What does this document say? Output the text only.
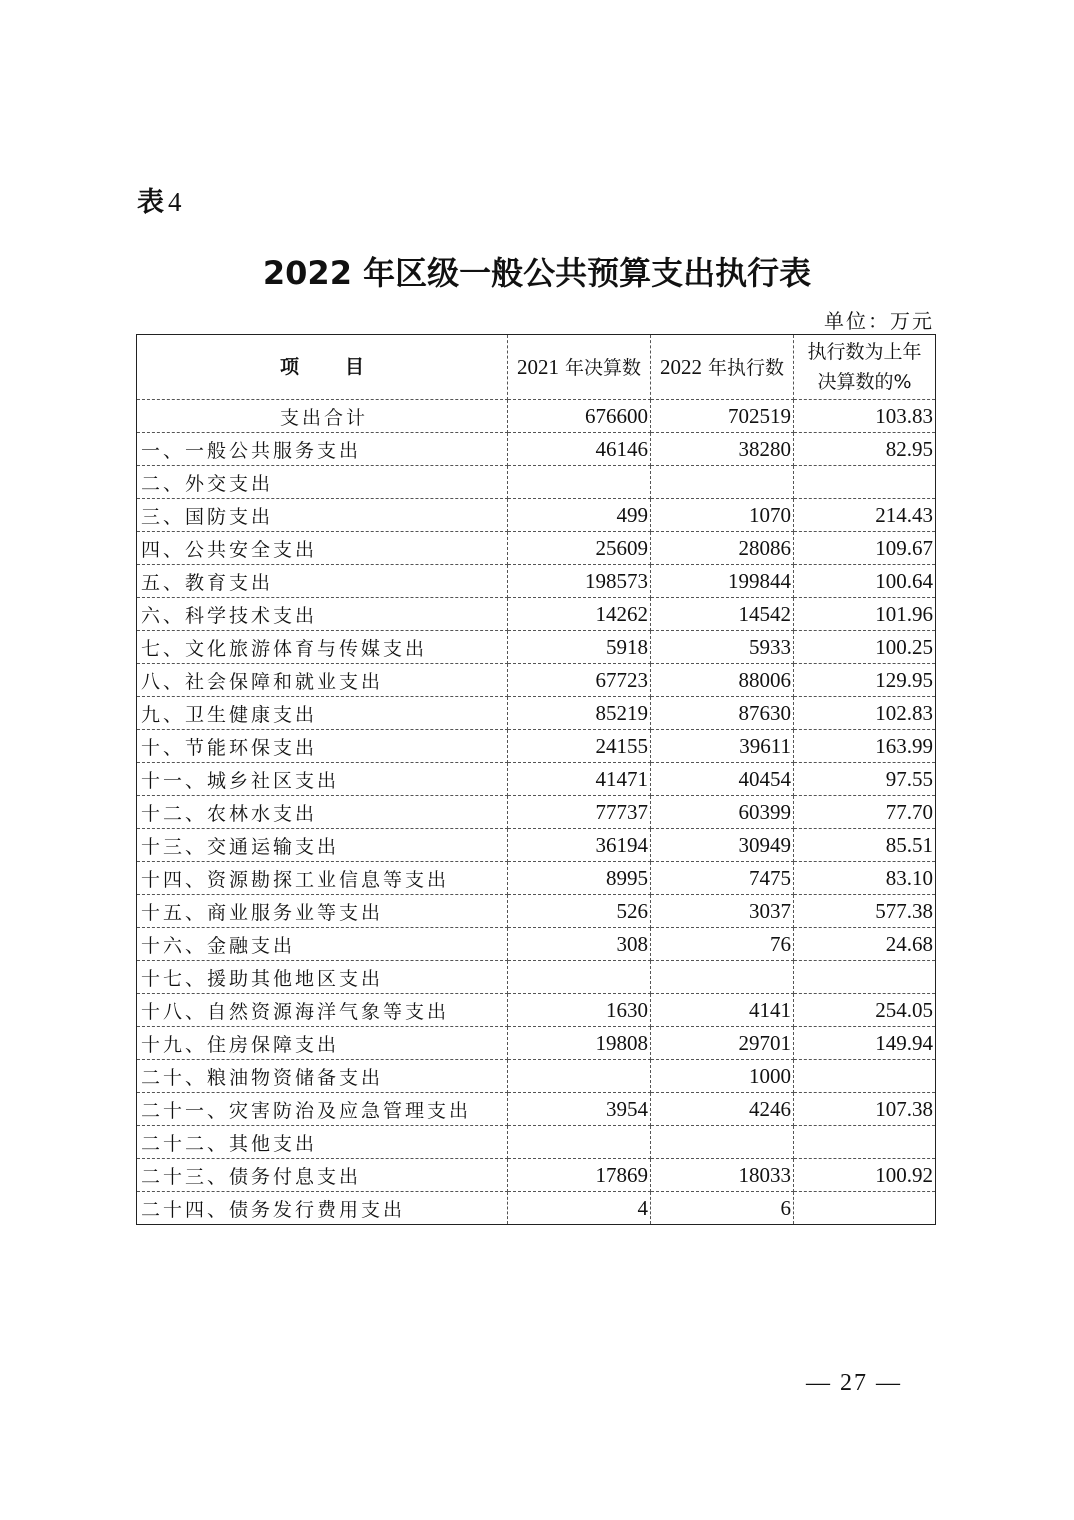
表 4
2022 年区级一般公共预算支出执行表
单位：万元
项 目	2021 年决算数	2022 年执行数	执行数为上年
决算数的%

支出合计	676600	702519	103.83
一、一般公共服务支出	46146	38280	82.95
二、外交支出			
三、国防支出	499	1070	214.43
四、公共安全支出	25609	28086	109.67
五、教育支出	198573	199844	100.64
六、科学技术支出	14262	14542	101.96
七、文化旅游体育与传媒支出	5918	5933	100.25
八、社会保障和就业支出	67723	88006	129.95
九、卫生健康支出	85219	87630	102.83
十、节能环保支出	24155	39611	163.99
十一、城乡社区支出	41471	40454	97.55
十二、农林水支出	77737	60399	77.70
十三、交通运输支出	36194	30949	85.51
十四、资源勘探工业信息等支出	8995	7475	83.10
十五、商业服务业等支出	526	3037	577.38
十六、金融支出	308	76	24.68
十七、援助其他地区支出			
十八、自然资源海洋气象等支出	1630	4141	254.05
十九、住房保障支出	19808	29701	149.94
二十、粮油物资储备支出		1000	
二十一、灾害防治及应急管理支出	3954	4246	107.38
二十二、其他支出			
二十三、债务付息支出	17869	18033	100.92
二十四、债务发行费用支出	4	6	
— 27 —
